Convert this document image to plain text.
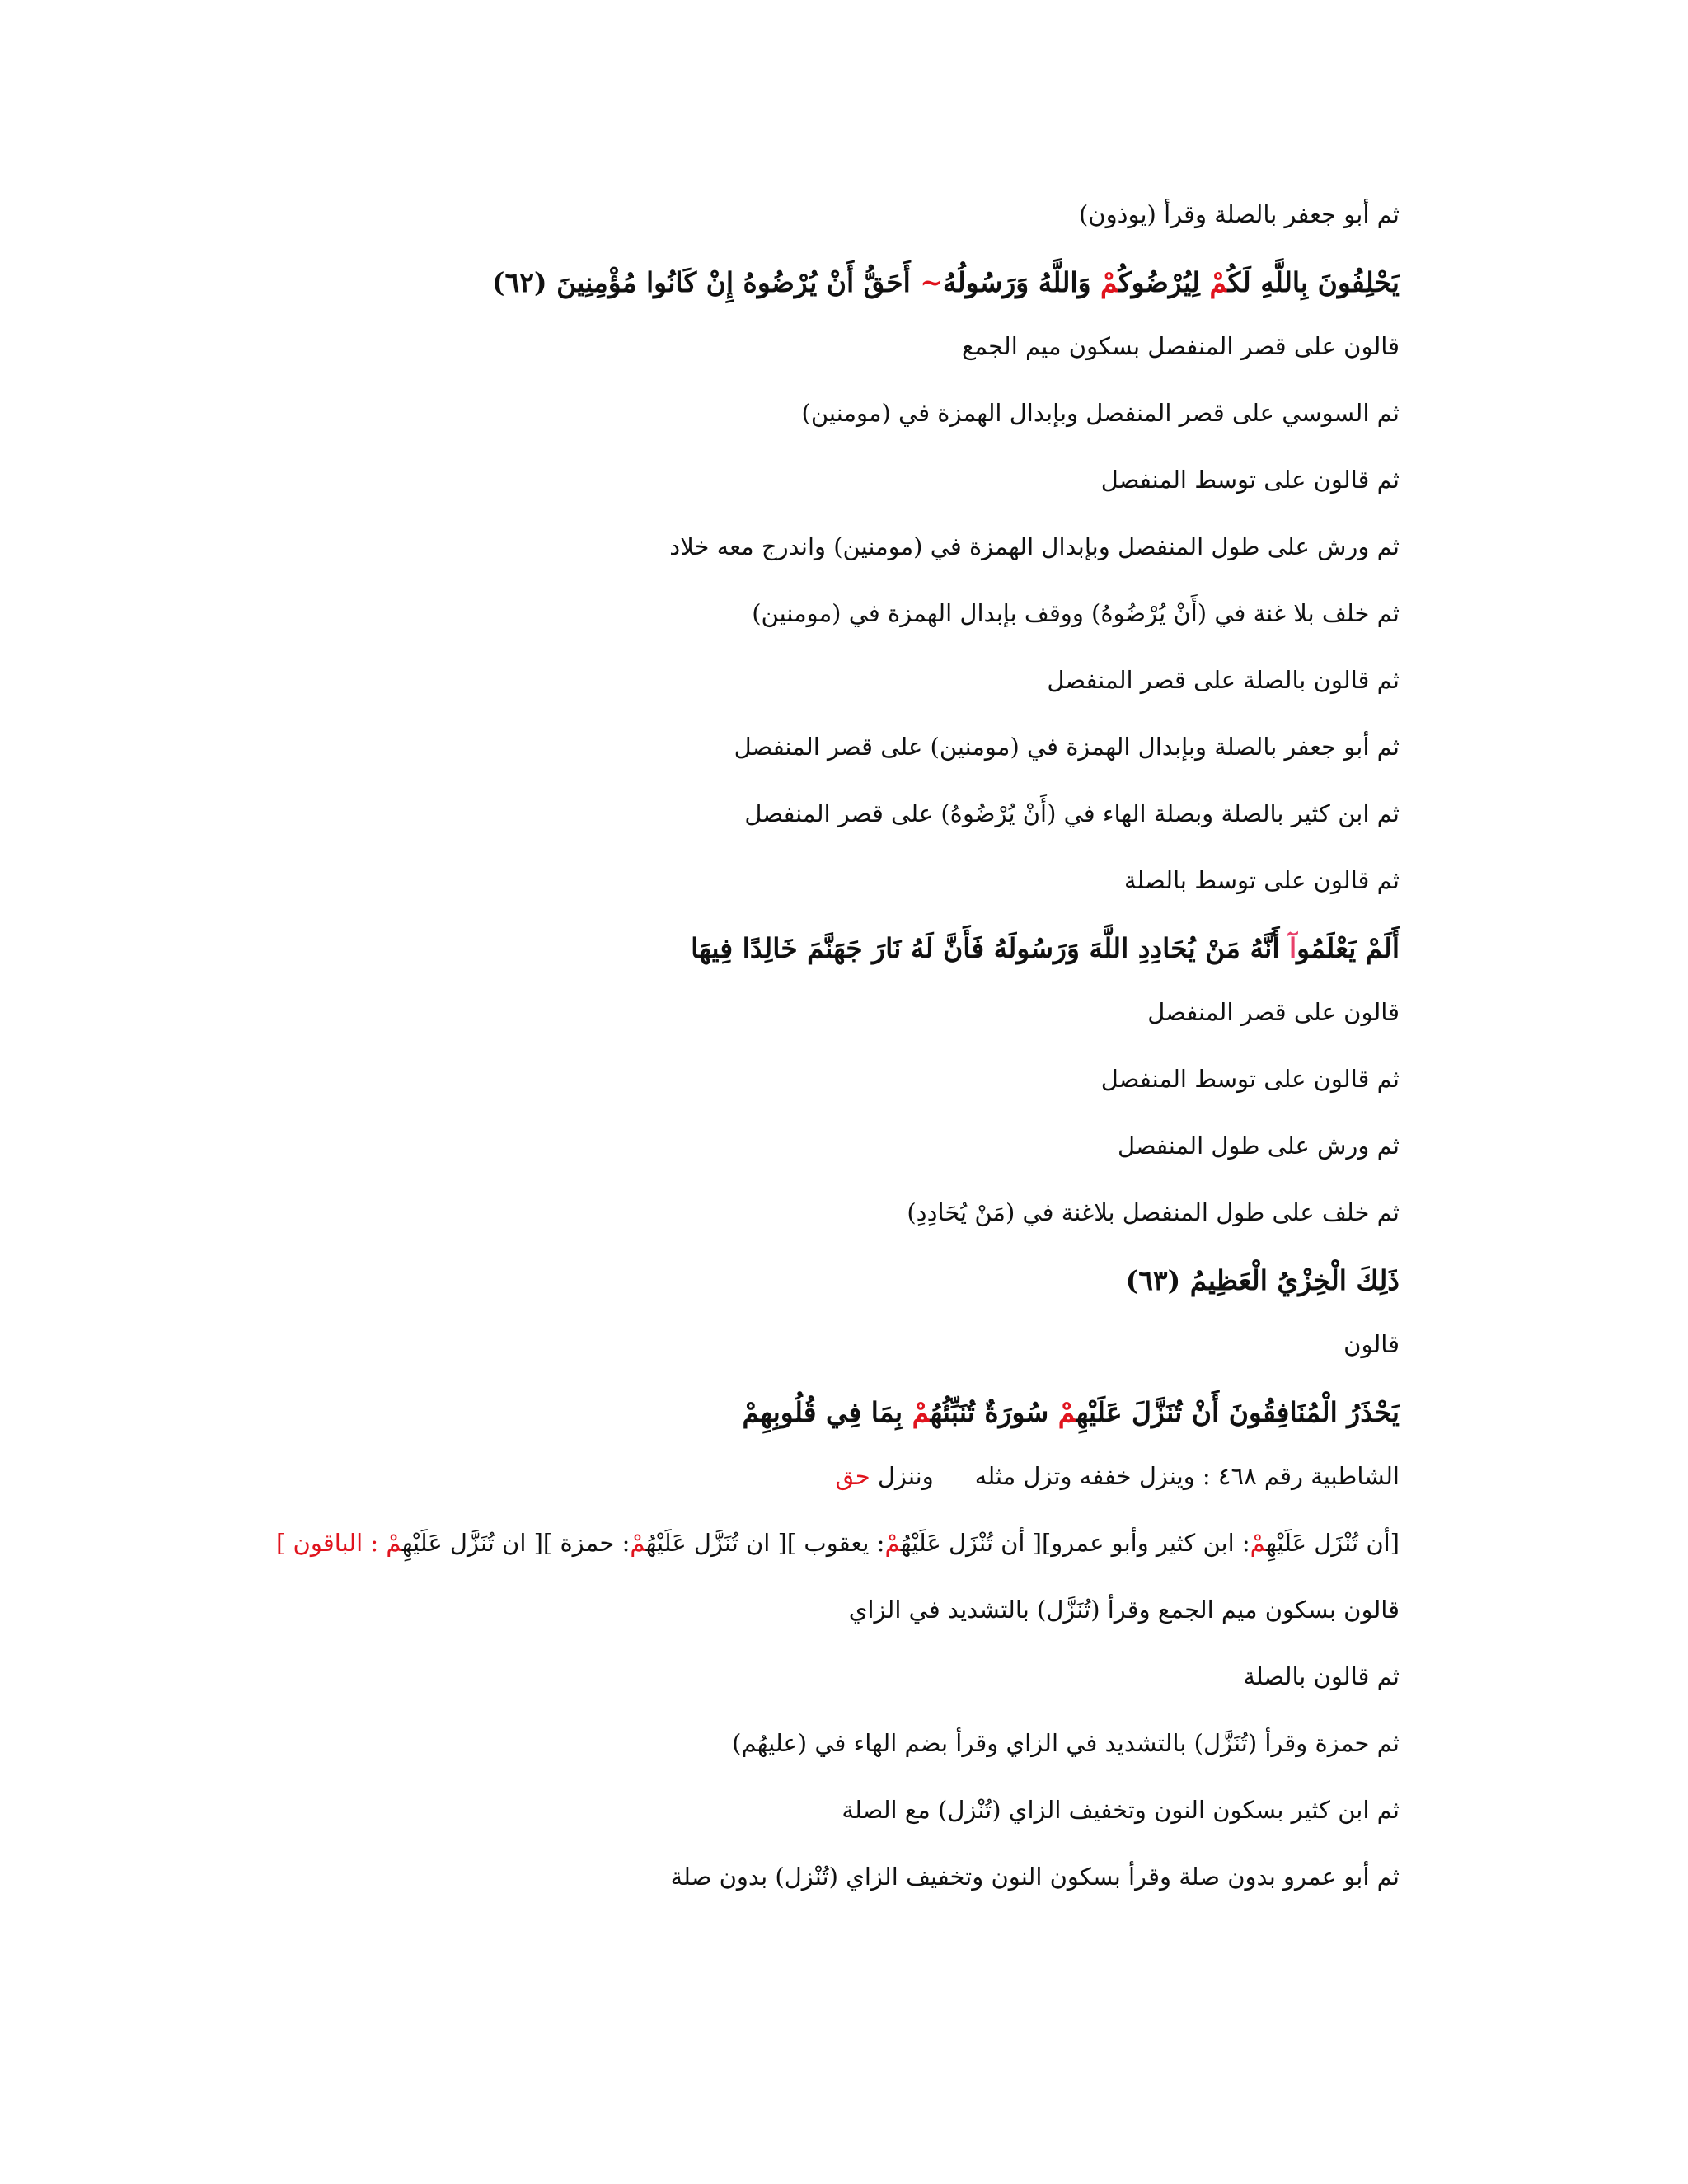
ثم أبو جعفر بالصلة وقرأ (يوذون)

يَحْلِفُونَ بِاللَّهِ لَكُمْ لِيُرْضُوكُمْ وَاللَّهُ وَرَسُولُهُ~ أَحَقُّ أَنْ يُرْضُوهُ إِنْ كَانُوا مُؤْمِنِينَ (٦٢)

قالون على قصر المنفصل بسكون ميم الجمع

ثم السوسي على قصر المنفصل وبإبدال الهمزة في (مومنين)

ثم قالون على توسط المنفصل

ثم ورش على طول المنفصل وبإبدال الهمزة في (مومنين) واندرج معه خلاد

ثم خلف بلا غنة في (أَنْ يُرْضُوهُ) ووقف بإبدال الهمزة في (مومنين)

ثم قالون بالصلة على قصر المنفصل

ثم أبو جعفر بالصلة وبإبدال الهمزة في (مومنين) على قصر المنفصل

ثم ابن كثير بالصلة وبصلة الهاء في (أَنْ يُرْضُوهُ) على قصر المنفصل

ثم قالون على توسط بالصلة

أَلَمْ يَعْلَمُوآ أَنَّهُ مَنْ يُحَادِدِ اللَّهَ وَرَسُولَهُ فَأَنَّ لَهُ نَارَ جَهَنَّمَ خَالِدًا فِيهَا

قالون على قصر المنفصل

ثم قالون على توسط المنفصل

ثم ورش على طول المنفصل

ثم خلف على طول المنفصل بلاغنة في (مَنْ يُحَادِدِ)

ذَلِكَ الْخِزْيُ الْعَظِيمُ (٦٣)

قالون

يَحْذَرُ الْمُنَافِقُونَ أَنْ تُنَزَّلَ عَلَيْهِمْ سُورَةٌ تُنَبِّئُهُمْ بِمَا فِي قُلُوبِهِمْ

الشاطبية رقم ٤٦٨ : وينزل خففه وتزل مثلهوننزل حق

[أن تُنْزَل عَلَيْهِمْ: ابن كثير وأبو عمرو][ أن تُنْزَل عَلَيْهُمْ: يعقوب ][ ان تُنَزَّل عَلَيْهُمْ: حمزة ][ ان تُنَزَّل عَلَيْهِمْ : الباقون ]

قالون بسكون ميم الجمع وقرأ (تُنَزَّل) بالتشديد في الزاي

ثم قالون بالصلة

ثم حمزة وقرأ (تُنَزَّل) بالتشديد في الزاي وقرأ بضم الهاء في (عليهُم)

ثم ابن كثير بسكون النون وتخفيف الزاي (تُنْزل) مع الصلة

ثم أبو عمرو بدون صلة وقرأ بسكون النون وتخفيف الزاي (تُنْزل) بدون صلة
